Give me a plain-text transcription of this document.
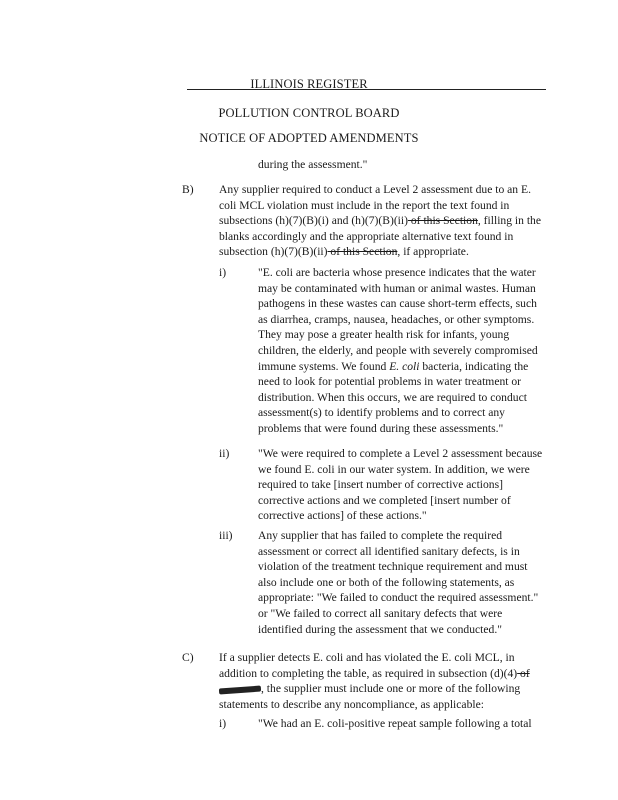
ILLINOIS REGISTER
POLLUTION CONTROL BOARD
NOTICE OF ADOPTED AMENDMENTS
during the assessment."
B) Any supplier required to conduct a Level 2 assessment due to an E. coli MCL violation must include in the report the text found in subsections (h)(7)(B)(i) and (h)(7)(B)(ii) of this Section, filling in the blanks accordingly and the appropriate alternative text found in subsection (h)(7)(B)(ii) of this Section, if appropriate.
i)	"E. coli are bacteria whose presence indicates that the water may be contaminated with human or animal wastes. Human pathogens in these wastes can cause short-term effects, such as diarrhea, cramps, nausea, headaches, or other symptoms. They may pose a greater health risk for infants, young children, the elderly, and people with severely compromised immune systems. We found E. coli bacteria, indicating the need to look for potential problems in water treatment or distribution. When this occurs, we are required to conduct assessment(s) to identify problems and to correct any problems that were found during these assessments."
ii) "We were required to complete a Level 2 assessment because we found E. coli in our water system. In addition, we were required to take [insert number of corrective actions] corrective actions and we completed [insert number of corrective actions] of these actions."
iii) Any supplier that has failed to complete the required assessment or correct all identified sanitary defects, is in violation of the treatment technique requirement and must also include one or both of the following statements, as appropriate: "We failed to conduct the required assessment." or "We failed to correct all sanitary defects that were identified during the assessment that we conducted."
C) If a supplier detects E. coli and has violated the E. coli MCL, in addition to completing the table, as required in subsection (d)(4) of , the supplier must include one or more of the following statements to describe any noncompliance, as applicable:
i)	"We had an E. coli-positive repeat sample following a total
